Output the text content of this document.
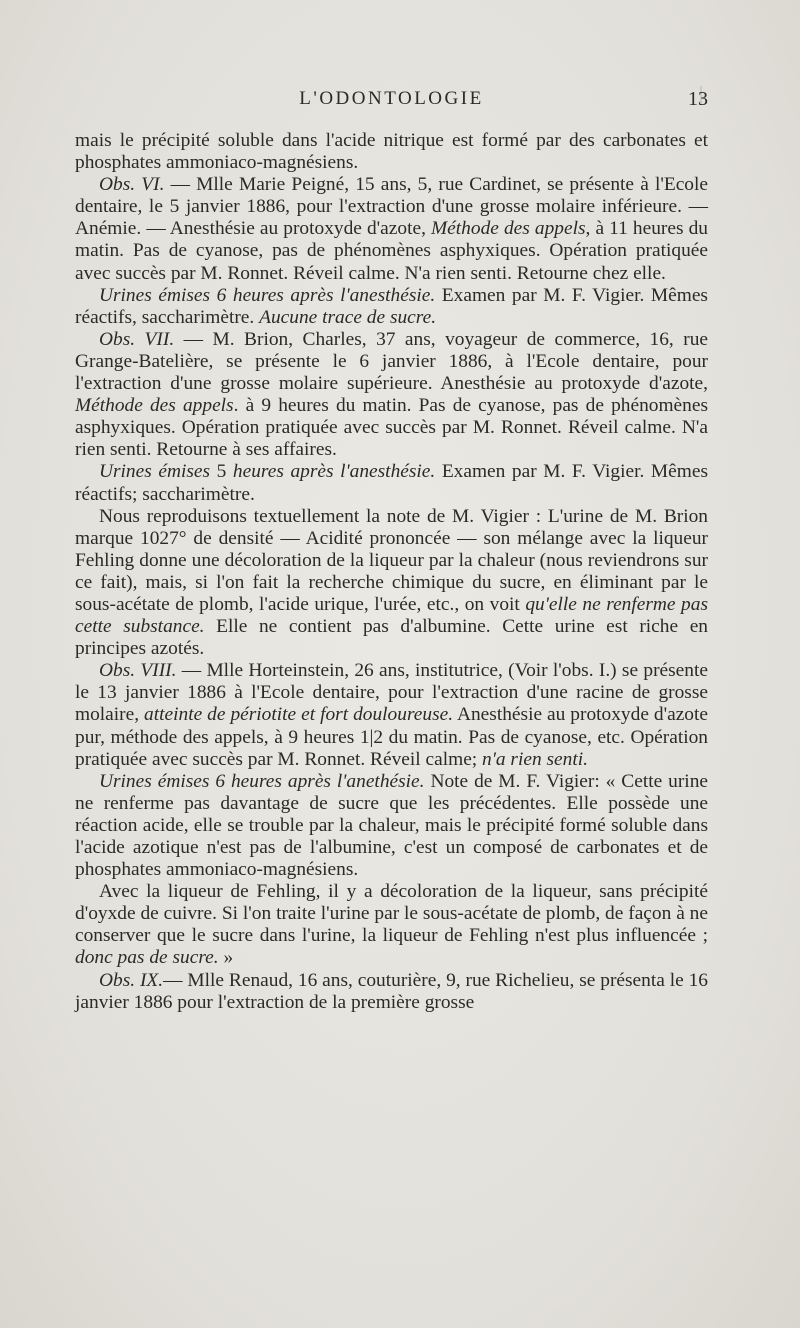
L'ODONTOLOGIE	13

mais le précipité soluble dans l'acide nitrique est formé par des carbonates et phosphates ammoniaco-magnésiens.

Obs. VI. — Mlle Marie Peigné, 15 ans, 5, rue Cardinet, se présente à l'Ecole dentaire, le 5 janvier 1886, pour l'extraction d'une grosse molaire inférieure. — Anémie. — Anesthésie au protoxyde d'azote, Méthode des appels, à 11 heures du matin. Pas de cyanose, pas de phénomènes asphyxiques. Opération pratiquée avec succès par M. Ronnet. Réveil calme. N'a rien senti. Retourne chez elle.

Urines émises 6 heures après l'anesthésie. Examen par M. F. Vigier. Mêmes réactifs, saccharimètre. Aucune trace de sucre.

Obs. VII. — M. Brion, Charles, 37 ans, voyageur de commerce, 16, rue Grange-Batelière, se présente le 6 janvier 1886, à l'Ecole dentaire, pour l'extraction d'une grosse molaire supérieure. Anesthésie au protoxyde d'azote, Méthode des appels. à 9 heures du matin. Pas de cyanose, pas de phénomènes asphyxiques. Opération pratiquée avec succès par M. Ronnet. Réveil calme. N'a rien senti. Retourne à ses affaires.

Urines émises 5 heures après l'anesthésie. Examen par M. F. Vigier. Mêmes réactifs; saccharimètre.

Nous reproduisons textuellement la note de M. Vigier : L'urine de M. Brion marque 1027° de densité — Acidité prononcée — son mélange avec la liqueur Fehling donne une décoloration de la liqueur par la chaleur (nous reviendrons sur ce fait), mais, si l'on fait la recherche chimique du sucre, en éliminant par le sous-acétate de plomb, l'acide urique, l'urée, etc., on voit qu'elle ne renferme pas cette substance. Elle ne contient pas d'albumine. Cette urine est riche en principes azotés.

Obs. VIII. — Mlle Horteinstein, 26 ans, institutrice, (Voir l'obs. I.) se présente le 13 janvier 1886 à l'Ecole dentaire, pour l'extraction d'une racine de grosse molaire, atteinte de périotite et fort douloureuse. Anesthésie au protoxyde d'azote pur, méthode des appels, à 9 heures 1|2 du matin. Pas de cyanose, etc. Opération pratiquée avec succès par M. Ronnet. Réveil calme; n'a rien senti.

Urines émises 6 heures après l'anethésie. Note de M. F. Vigier: « Cette urine ne renferme pas davantage de sucre que les précédentes. Elle possède une réaction acide, elle se trouble par la chaleur, mais le précipité formé soluble dans l'acide azotique n'est pas de l'albumine, c'est un composé de carbonates et de phosphates ammoniaco-magnésiens.

Avec la liqueur de Fehling, il y a décoloration de la liqueur, sans précipité d'oyxde de cuivre. Si l'on traite l'urine par le sous-acétate de plomb, de façon à ne conserver que le sucre dans l'urine, la liqueur de Fehling n'est plus influencée ; donc pas de sucre. »

Obs. IX.— Mlle Renaud, 16 ans, couturière, 9, rue Richelieu, se présenta le 16 janvier 1886 pour l'extraction de la première grosse
